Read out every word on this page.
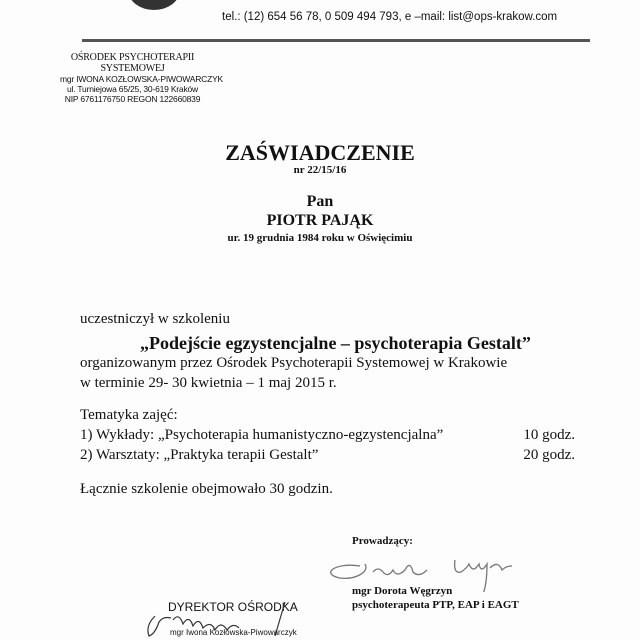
tel.: (12) 654 56 78, 0 509 494 793, e –mail: list@ops-krakow.com
OŚRODEK PSYCHOTERAPII
SYSTEMOWEJ
mgr IWONA KOZŁOWSKA-PIWOWARCZYK
ul. Turniejowa 65/25, 30-619 Kraków
NIP 6761176750 REGON 122660839
ZAŚWIADCZENIE
nr 22/15/16
Pan
PIOTR PAJĄK
ur. 19 grudnia 1984 roku w Oświęcimiu
uczestniczył w szkoleniu
„Podejście egzystencjalne – psychoterapia Gestalt”
organizowanym przez Ośrodek Psychoterapii Systemowej w Krakowie
w terminie 29- 30 kwietnia – 1 maj 2015 r.
Tematyka zajęć:
1) Wykłady: „Psychoterapia humanistyczno-egzystencjalna”	10 godz.
2) Warsztaty: „Praktyka terapii Gestalt”	20 godz.
Łącznie szkolenie obejmowało 30 godzin.
Prowadzący:
mgr Dorota Węgrzyn
psychoterapeuta PTP, EAP i EAGT
DYREKTOR OŚRODKA
mgr Iwona Kozłowska-Piwowarczyk
